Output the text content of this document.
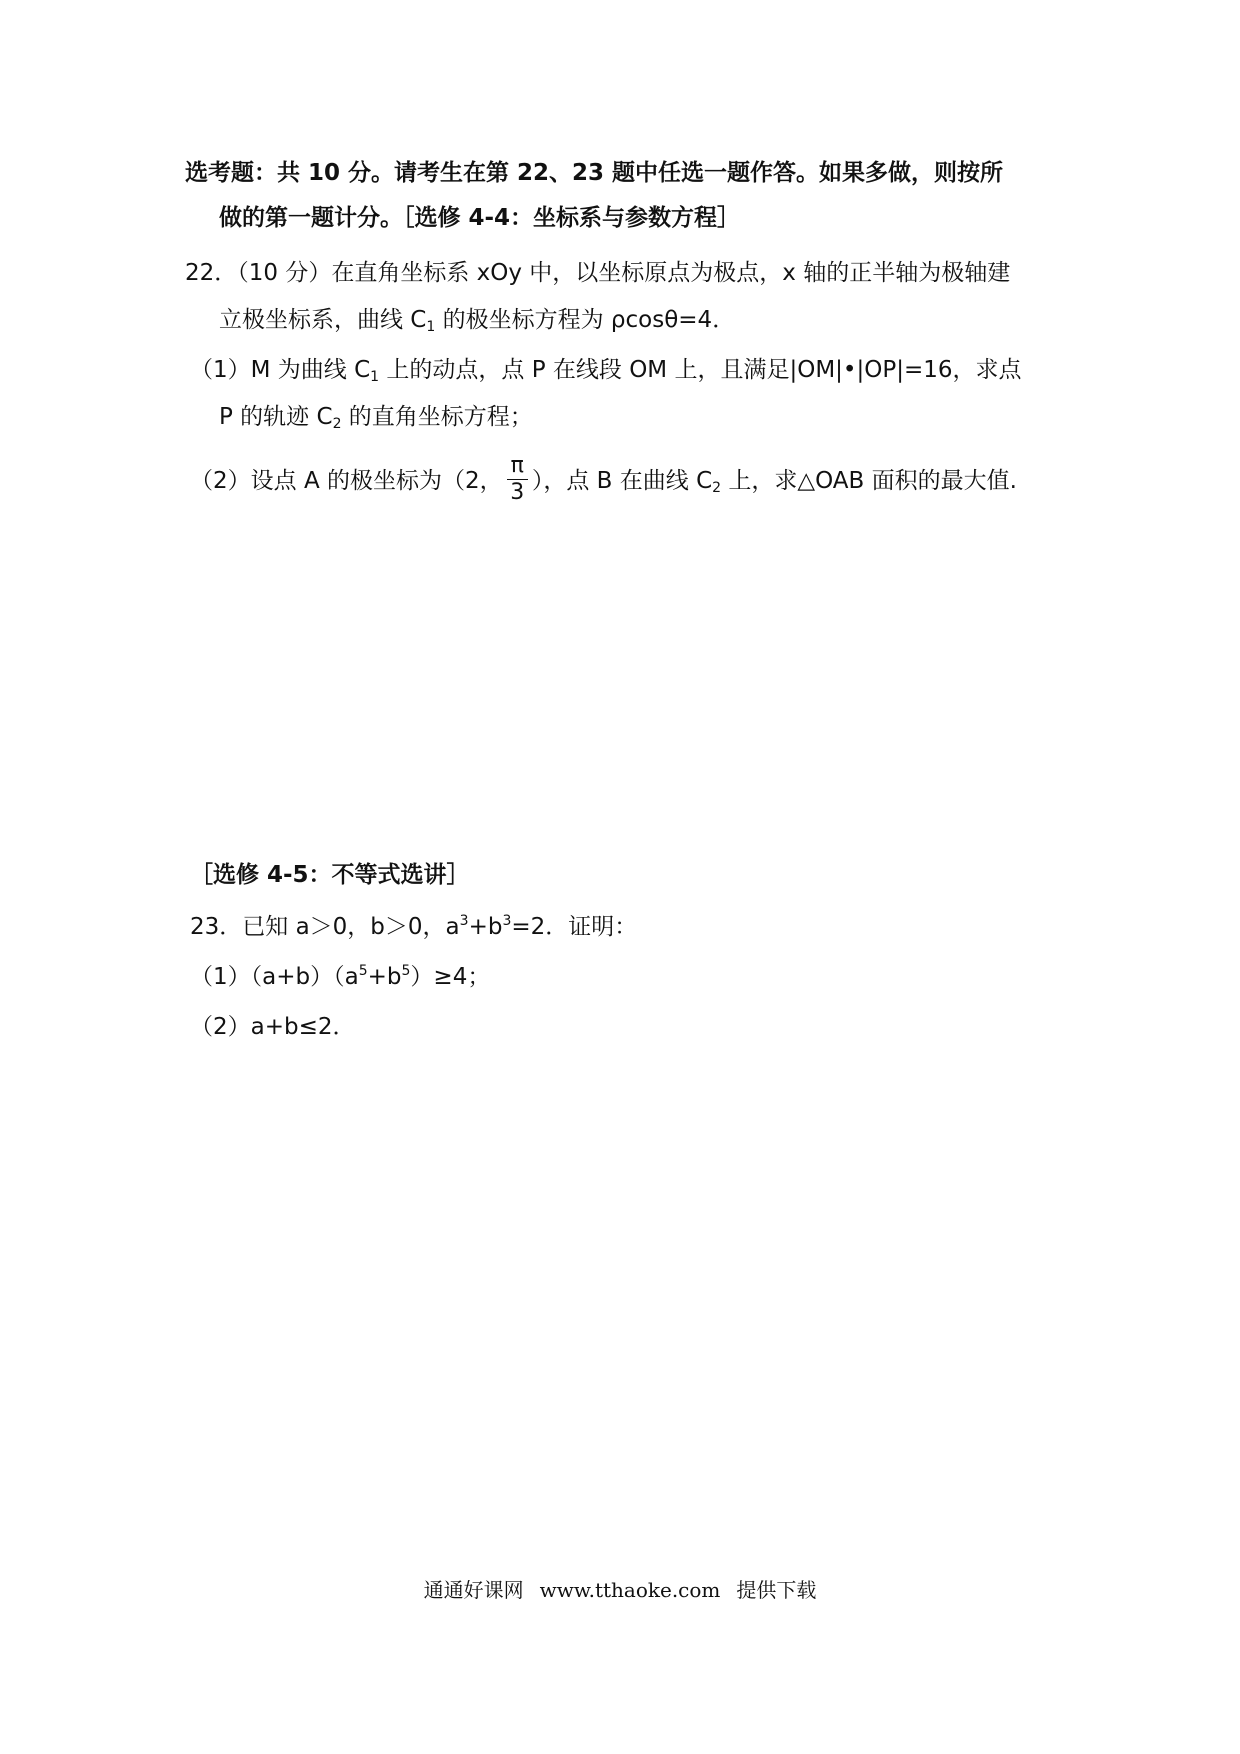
选考题：共 10 分。请考生在第 22、23 题中任选一题作答。如果多做，则按所
做的第一题计分。［选修 4-4：坐标系与参数方程］
22．（10 分）在直角坐标系 xOy 中，以坐标原点为极点，x 轴的正半轴为极轴建
立极坐标系，曲线 $C_1$ 的极坐标方程为 ρcosθ=4．
（1）M 为曲线 $C_1$ 上的动点，点 P 在线段 OM 上，且满足|OM|•|OP|=16，求点
P 的轨迹 $C_2$ 的直角坐标方程；
（2）设点 A 的极坐标为（2， $\frac{\pi}{3}$ ），点 B 在曲线 $C_2$ 上，求△OAB 面积的最大值.
［选修 4-5：不等式选讲］
23．已知 a＞0，b＞0，$a^3+b^3=2$．证明：
$(1)(a+b)(a^5+b^5)\ge 4$；
（2）a+b≤2．
通通好课网 www.tthaoke.com 提供下载
